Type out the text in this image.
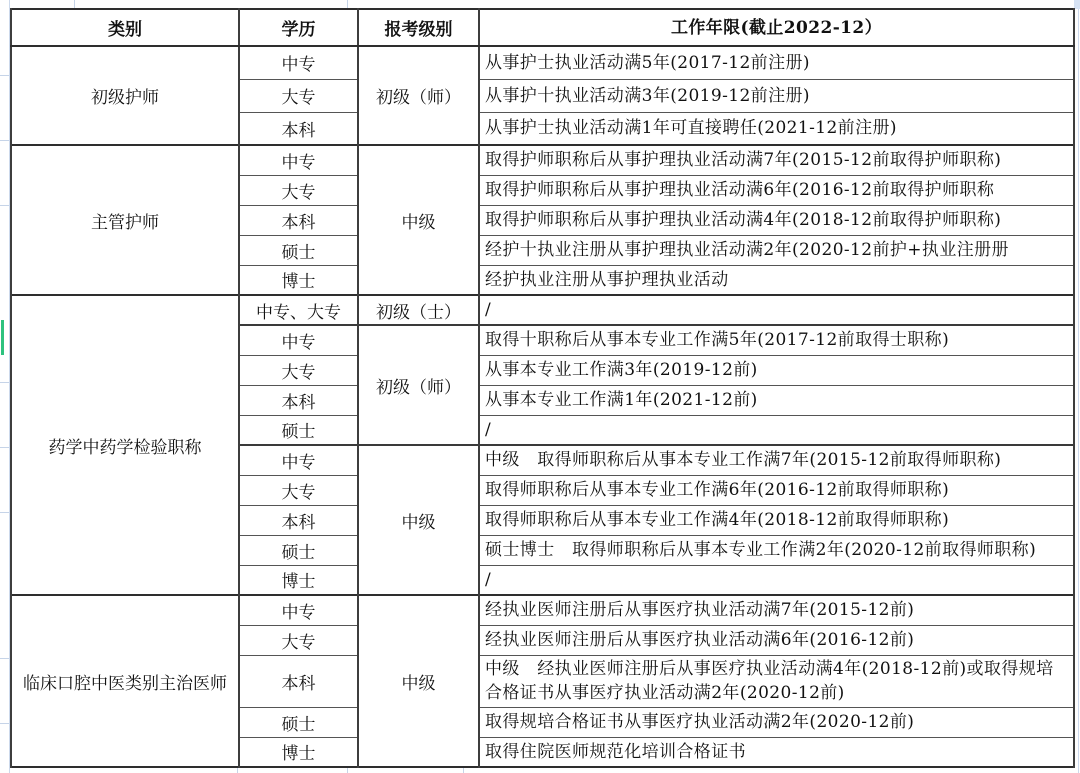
类别	学历	报考级别	工作年限(截止2022-12）
初级护师	中专	初级（师）	从事护士执业活动满5年(2017-12前注册)
	大专		从事护十执业活动满3年(2019-12前注册)
	本科		从事护士执业活动满1年可直接聘任(2021-12前注册)
主管护师	中专	中级	取得护师职称后从事护理执业活动满7年(2015-12前取得护师职称)
	大专		取得护师职称后从事护理执业活动满6年(2016-12前取得护师职称
	本科		取得护师职称后从事护理执业活动满4年(2018-12前取得护师职称)
	硕士		经护十执业注册从事护理执业活动满2年(2020-12前护+执业注册册
	博士		经护执业注册从事护理执业活动
药学中药学检验职称	中专、大专	初级（士）	/
	中专	初级（师）	取得十职称后从事本专业工作满5年(2017-12前取得士职称)
	大专		从事本专业工作满3年(2019-12前)
	本科		从事本专业工作满1年(2021-12前)
	硕士		/
	中专	中级	中级　取得师职称后从事本专业工作满7年(2015-12前取得师职称)
	大专		取得师职称后从事本专业工作满6年(2016-12前取得师职称)
	本科		取得师职称后从事本专业工作满4年(2018-12前取得师职称)
	硕士		硕士博士　取得师职称后从事本专业工作满2年(2020-12前取得师职称)
	博士		/
临床口腔中医类别主治医师	中专	中级	经执业医师注册后从事医疗执业活动满7年(2015-12前)
	大专		经执业医师注册后从事医疗执业活动满6年(2016-12前)
	本科		中级　经执业医师注册后从事医疗执业活动满4年(2018-12前)或取得规培合格证书从事医疗执业活动满2年(2020-12前)
	硕士		取得规培合格证书从事医疗执业活动满2年(2020-12前)
	博士		取得住院医师规范化培训合格证书
